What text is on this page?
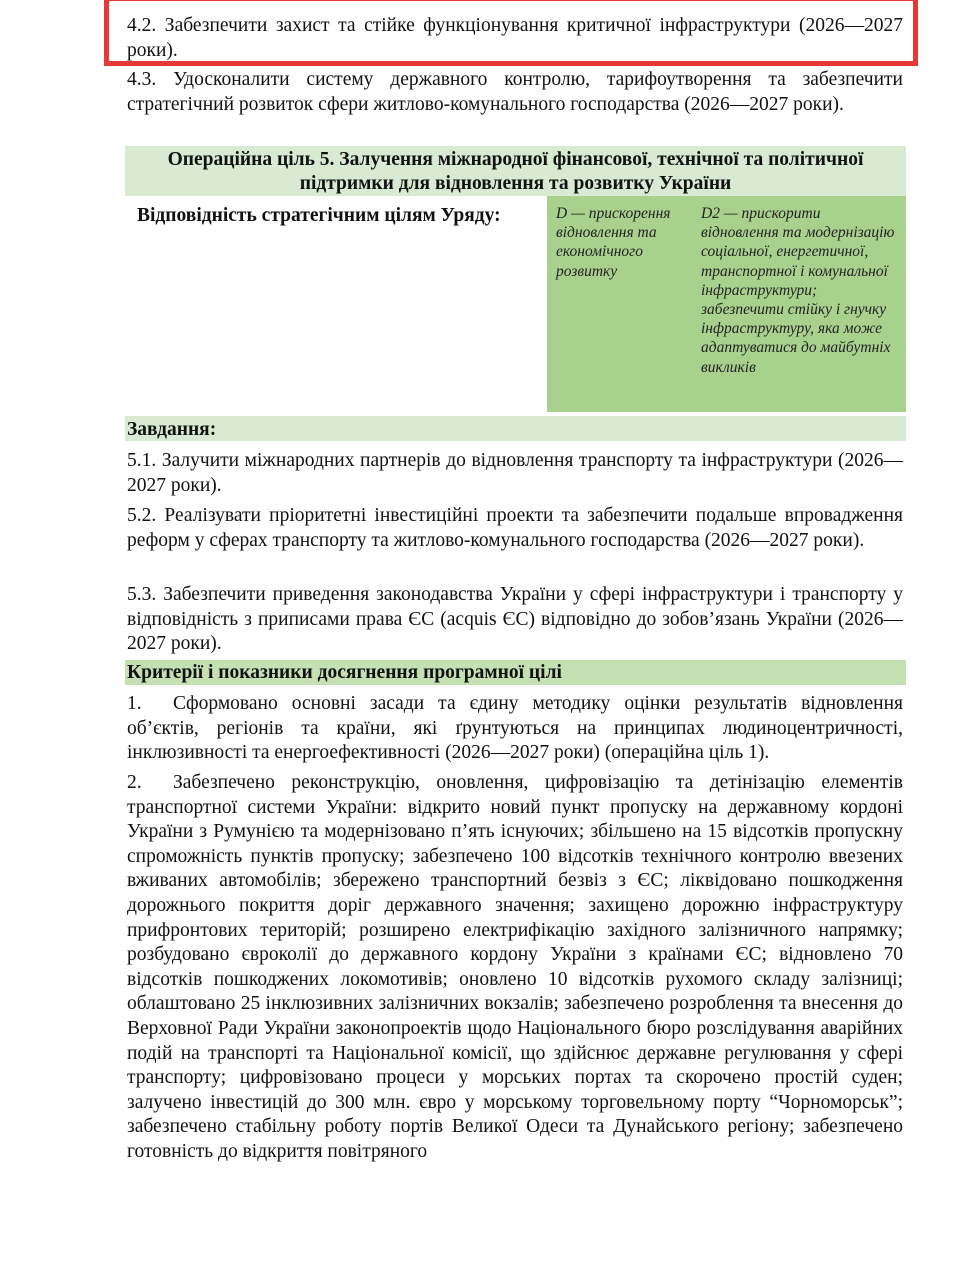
4.2. Забезпечити захист та стійке функціонування критичної інфраструктури (2026—2027 роки).
4.3. Удосконалити систему державного контролю, тарифоутворення та забезпечити стратегічний розвиток сфери житлово-комунального господарства (2026—2027 роки).
Операційна ціль 5. Залучення міжнародної фінансової, технічної та політичної підтримки для відновлення та розвитку України
Відповідність стратегічним цілям Уряду:	D — прискорення відновлення та економічного розвитку
D2 — прискорити відновлення та модернізацію соціальної, енергетичної, транспортної і комунальної інфраструктури; забезпечити стійку і гнучку інфраструктуру, яка може адаптуватися до майбутніх викликів
Завдання:
5.1. Залучити міжнародних партнерів до відновлення транспорту та інфраструктури (2026—2027 роки).
5.2. Реалізувати пріоритетні інвестиційні проекти та забезпечити подальше впровадження реформ у сферах транспорту та житлово-комунального господарства (2026—2027 роки).
5.3. Забезпечити приведення законодавства України у сфері інфраструктури і транспорту у відповідність з приписами права ЄС (acquis ЄС) відповідно до зобов’язань України (2026—2027 роки).
Критерії і показники досягнення програмної цілі
1. Сформовано основні засади та єдину методику оцінки результатів відновлення об’єктів, регіонів та країни, які ґрунтуються на принципах людиноцентричності, інклюзивності та енергоефективності (2026—2027 роки) (операційна ціль 1).
2. Забезпечено реконструкцію, оновлення, цифровізацію та детінізацію елементів транспортної системи України: відкрито новий пункт пропуску на державному кордоні України з Румунією та модернізовано п’ять існуючих; збільшено на 15 відсотків пропускну спроможність пунктів пропуску; забезпечено 100 відсотків технічного контролю ввезених вживаних автомобілів; збережено транспортний безвіз з ЄС; ліквідовано пошкодження дорожнього покриття доріг державного значення; захищено дорожню інфраструктуру прифронтових територій; розширено електрифікацію західного залізничного напрямку; розбудовано євроколії до державного кордону України з країнами ЄС; відновлено 70 відсотків пошкоджених локомотивів; оновлено 10 відсотків рухомого складу залізниці; облаштовано 25 інклюзивних залізничних вокзалів; забезпечено розроблення та внесення до Верховної Ради України законопроектів щодо Національного бюро розслідування аварійних подій на транспорті та Національної комісії, що здійснює державне регулювання у сфері транспорту; цифровізовано процеси у морських портах та скорочено простій суден; залучено інвестицій до 300 млн. євро у морському торговельному порту “Чорноморськ”; забезпечено стабільну роботу портів Великої Одеси та Дунайського регіону; забезпечено готовність до відкриття повітряного
